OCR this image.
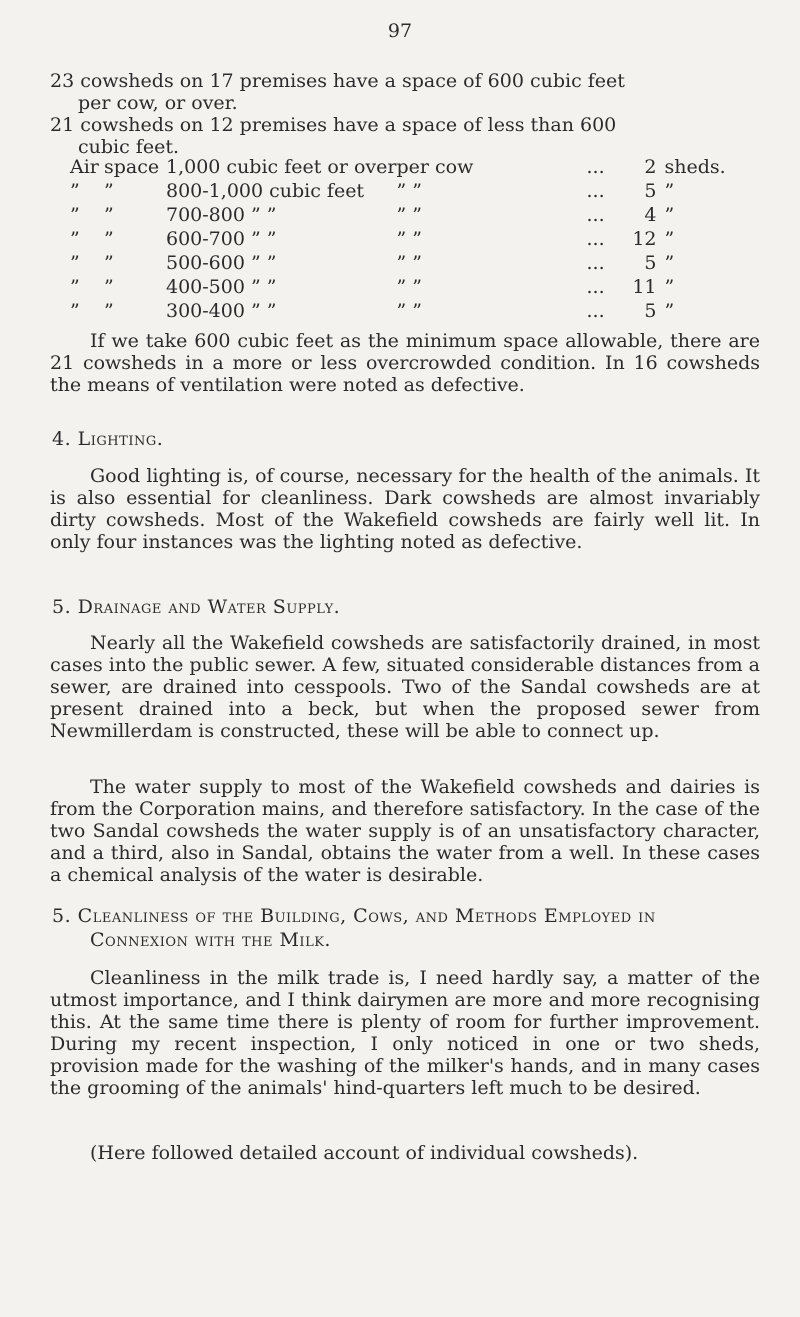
97
23 cowsheds on 17 premises have a space of 600 cubic feet
per cow, or over.
21 cowsheds on 12 premises have a space of less than 600
cubic feet.
Air	space	1,000 cubic feet or over	per cow	...	2	sheds.
”	”	800-1,000 cubic feet	” ”	...	5	”
”	”	700-800 ” ”	” ”	...	4	”
”	”	600-700 ” ”	” ”	...	12	”
”	”	500-600 ” ”	” ”	...	5	”
”	”	400-500 ” ”	” ”	...	11	”
”	”	300-400 ” ”	” ”	...	5	”
If we take 600 cubic feet as the minimum space allowable, there are 21 cowsheds in a more or less overcrowded condition. In 16 cowsheds the means of ventilation were noted as defective.
4. Lighting.
Good lighting is, of course, necessary for the health of the animals. It is also essential for cleanliness. Dark cowsheds are almost invariably dirty cowsheds. Most of the Wakefield cowsheds are fairly well lit. In only four instances was the lighting noted as defective.
5. Drainage and Water Supply.
Nearly all the Wakefield cowsheds are satisfactorily drained, in most cases into the public sewer. A few, situated considerable distances from a sewer, are drained into cesspools. Two of the Sandal cowsheds are at present drained into a beck, but when the proposed sewer from Newmillerdam is constructed, these will be able to connect up.
The water supply to most of the Wakefield cowsheds and dairies is from the Corporation mains, and therefore satisfactory. In the case of the two Sandal cowsheds the water supply is of an unsatisfactory character, and a third, also in Sandal, obtains the water from a well. In these cases a chemical analysis of the water is desirable.
5. Cleanliness of the Building, Cows, and Methods Employed in
Connexion with the Milk.
Cleanliness in the milk trade is, I need hardly say, a matter of the utmost importance, and I think dairymen are more and more recognising this. At the same time there is plenty of room for further improvement. During my recent inspection, I only noticed in one or two sheds, provision made for the washing of the milker's hands, and in many cases the grooming of the animals' hind-quarters left much to be desired.
(Here followed detailed account of individual cowsheds).
